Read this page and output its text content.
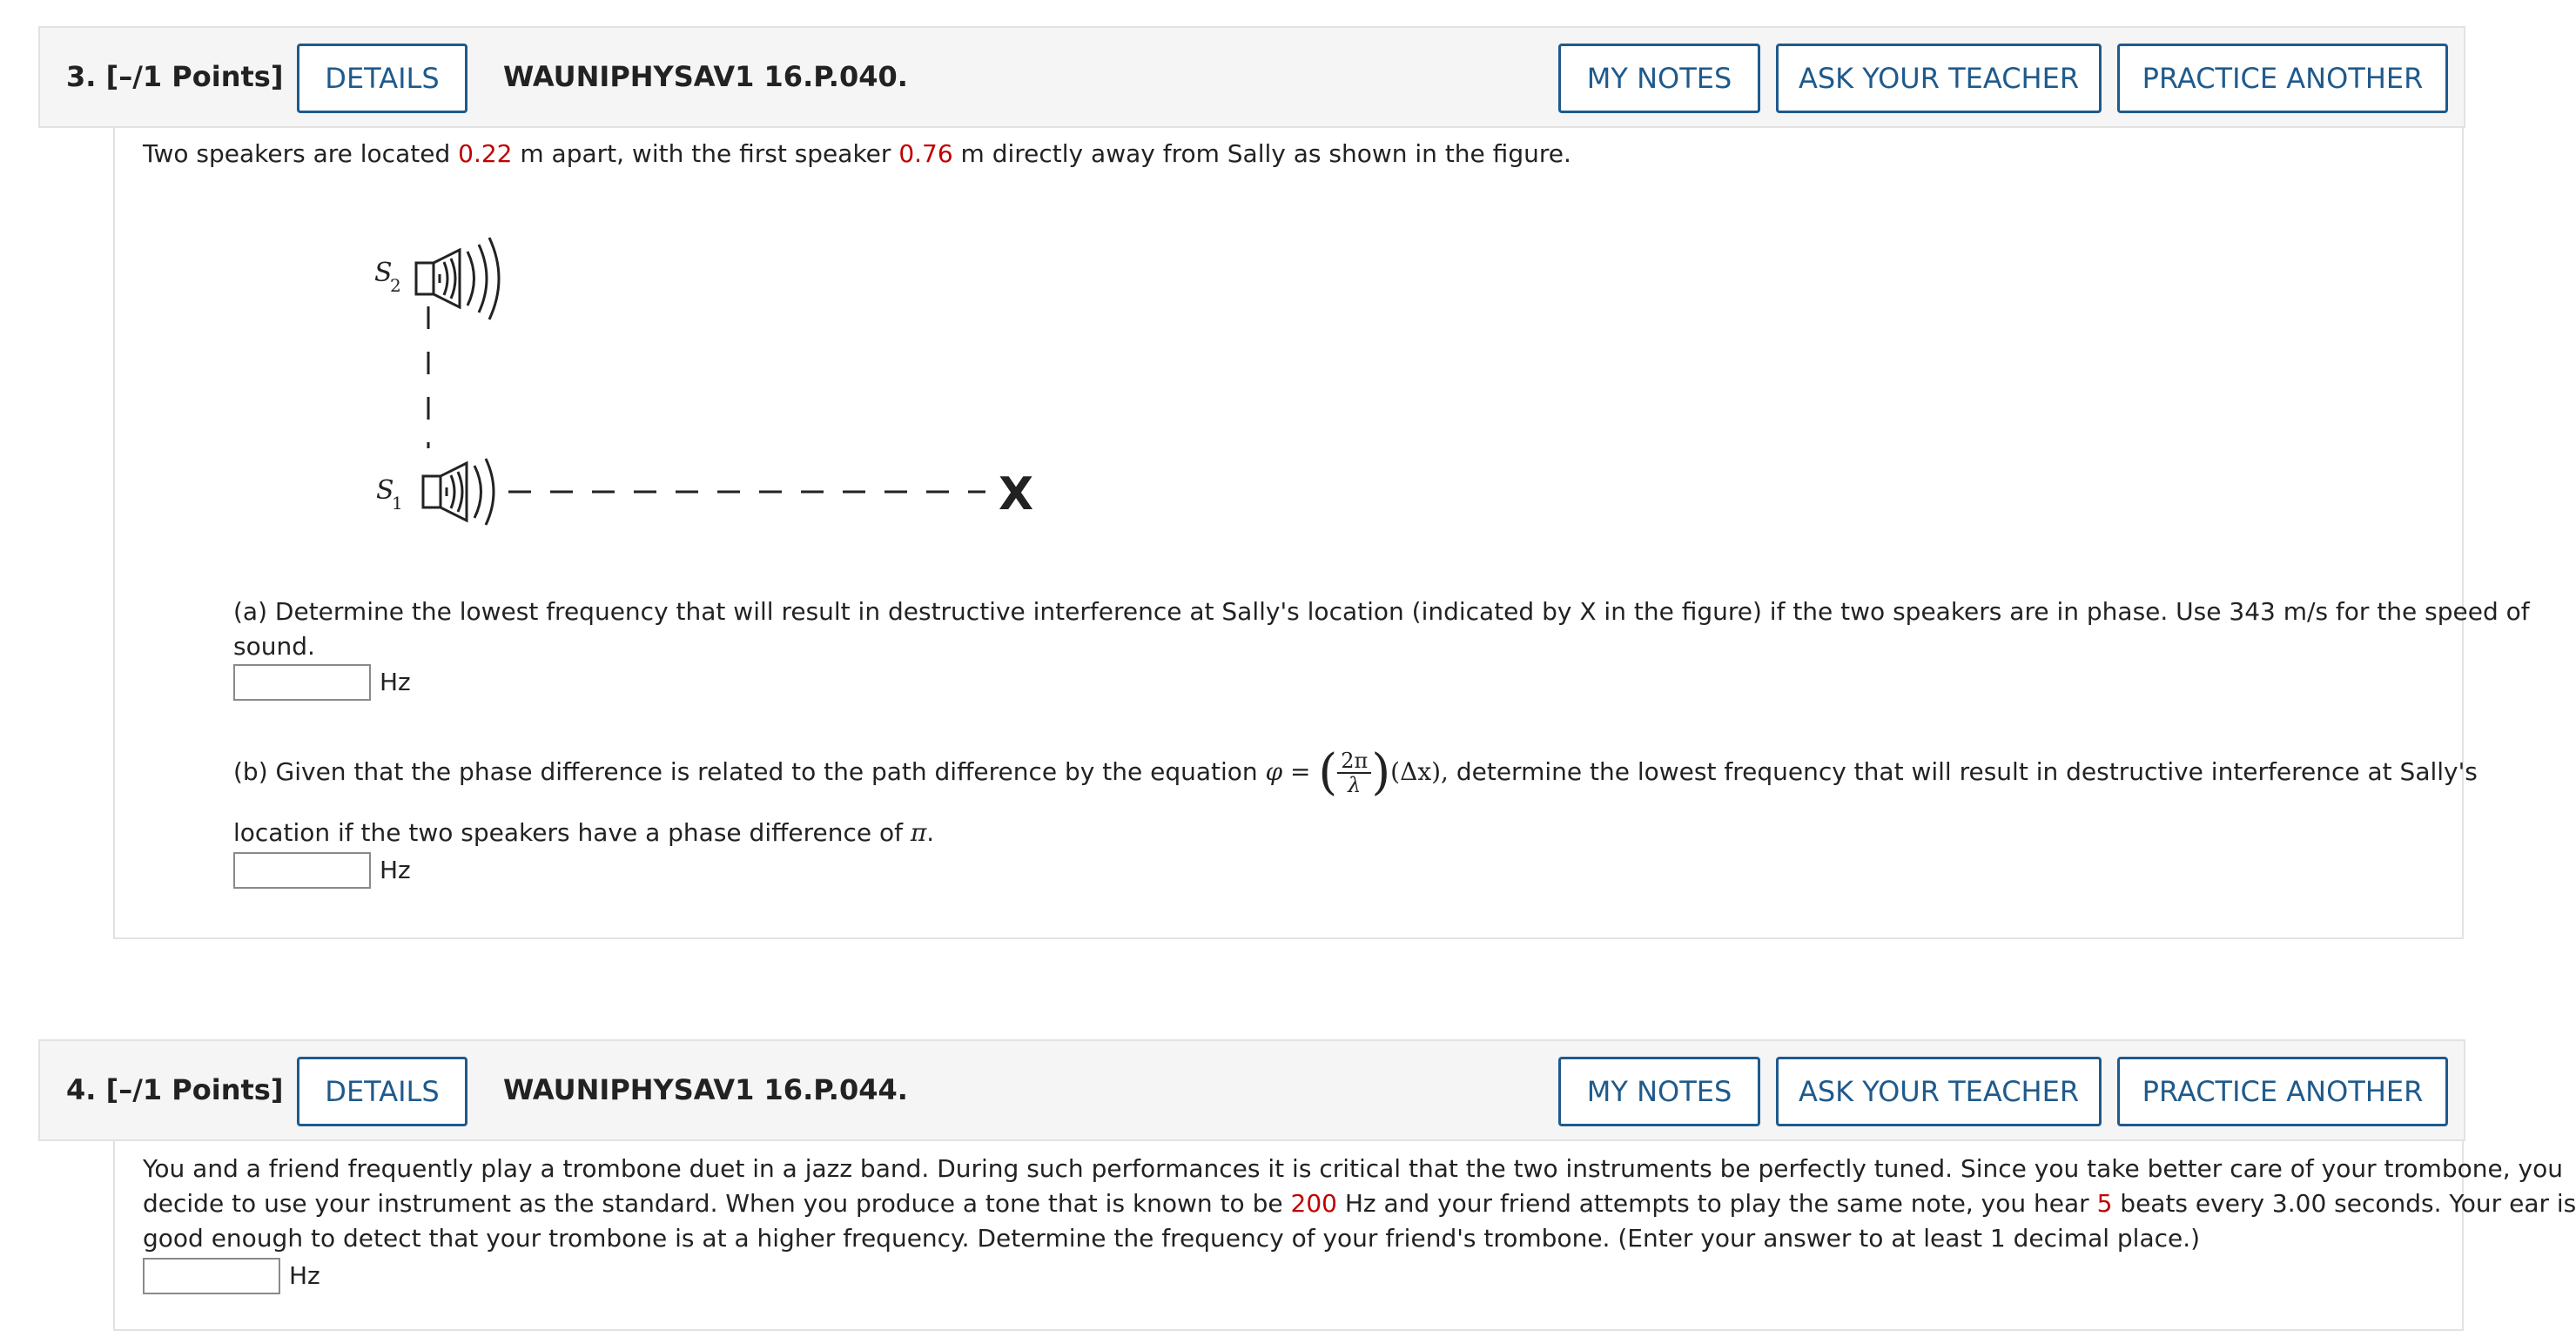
3. [–/1 Points]	DETAILS	WAUNIPHYSAV1 16.P.040.	MY NOTES	ASK YOUR TEACHER	PRACTICE ANOTHER
Two speakers are located 0.22 m apart, with the first speaker 0.76 m directly away from Sally as shown in the figure.
S
2
S
1	X
(a) Determine the lowest frequency that will result in destructive interference at Sally's location (indicated by X in the figure) if the two speakers are in phase. Use 343 m/s for the speed of
sound.
Hz
(b) Given that the phase difference is related to the path difference by the equation φ = ( $\frac{2\pi}{\lambda} )(\Delta x)$, determine the lowest frequency that will result in destructive interference at Sally's
location if the two speakers have a phase difference of π.
Hz
4. [–/1 Points]	DETAILS	WAUNIPHYSAV1 16.P.044.	MY NOTES	ASK YOUR TEACHER	PRACTICE ANOTHER
You and a friend frequently play a trombone duet in a jazz band. During such performances it is critical that the two instruments be perfectly tuned. Since you take better care of your trombone, you
decide to use your instrument as the standard. When you produce a tone that is known to be 200 Hz and your friend attempts to play the same note, you hear 5 beats every 3.00 seconds. Your ear is
good enough to detect that your trombone is at a higher frequency. Determine the frequency of your friend's trombone. (Enter your answer to at least 1 decimal place.)
Hz
